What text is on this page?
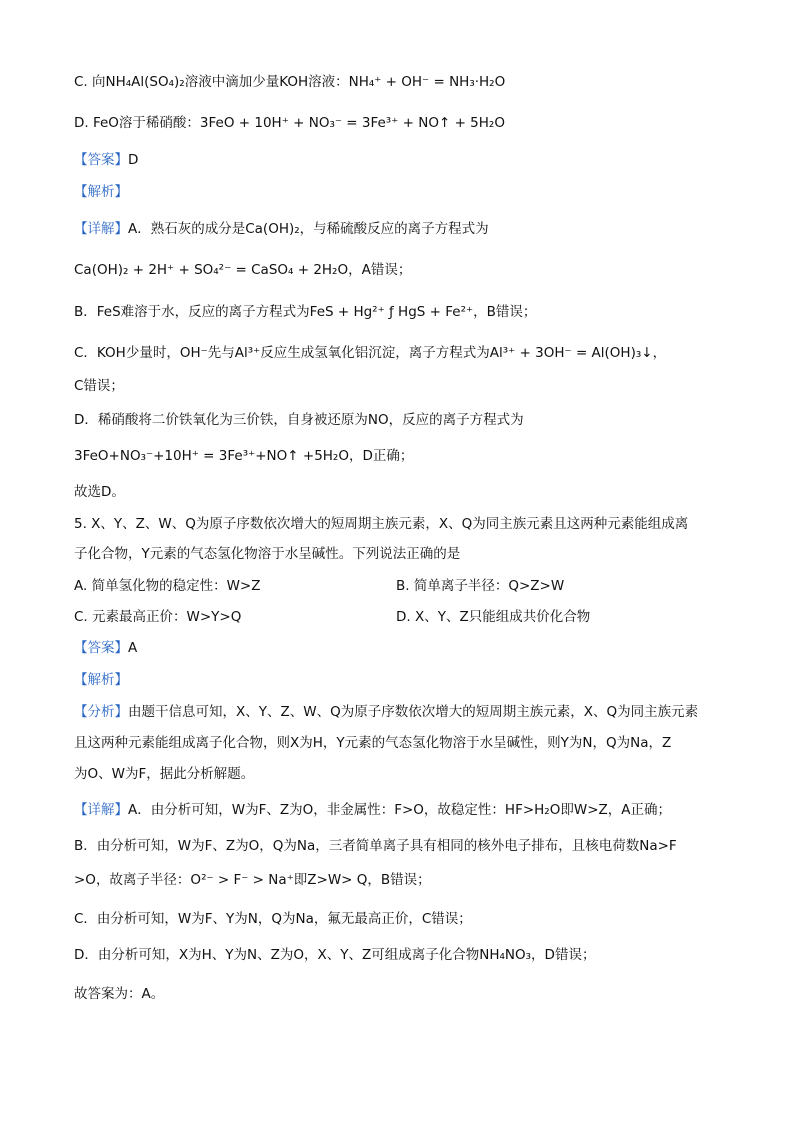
C. 向NH₄Al(SO₄)₂溶液中滴加少量KOH溶液：NH₄⁺ + OH⁻ = NH₃·H₂O
D. FeO溶于稀硝酸：3FeO + 10H⁺ + NO₃⁻ = 3Fe³⁺ + NO↑ + 5H₂O
【答案】D
【解析】
【详解】A．熟石灰的成分是Ca(OH)₂，与稀硫酸反应的离子方程式为
Ca(OH)₂ + 2H⁺ + SO₄²⁻ = CaSO₄ + 2H₂O，A错误；
B．FeS难溶于水，反应的离子方程式为FeS + Hg²⁺ ƒ HgS + Fe²⁺，B错误；
C．KOH少量时，OH⁻先与Al³⁺反应生成氢氧化铝沉淀，离子方程式为Al³⁺ + 3OH⁻ = Al(OH)₃↓，
C错误；
D．稀硝酸将二价铁氧化为三价铁，自身被还原为NO，反应的离子方程式为
3FeO+NO₃⁻+10H⁺ = 3Fe³⁺+NO↑ +5H₂O，D正确；
故选D。
5. X、Y、Z、W、Q为原子序数依次增大的短周期主族元素，X、Q为同主族元素且这两种元素能组成离
子化合物，Y元素的气态氢化物溶于水呈碱性。下列说法正确的是
A. 简单氢化物的稳定性：W>Z	B. 简单离子半径：Q>Z>W
C. 元素最高正价：W>Y>Q	D. X、Y、Z只能组成共价化合物
【答案】A
【解析】
【分析】由题干信息可知，X、Y、Z、W、Q为原子序数依次增大的短周期主族元素，X、Q为同主族元素
且这两种元素能组成离子化合物，则X为H，Y元素的气态氢化物溶于水呈碱性，则Y为N，Q为Na，Z
为O、W为F，据此分析解题。
【详解】A．由分析可知，W为F、Z为O，非金属性：F>O，故稳定性：HF>H₂O即W>Z，A正确；
B．由分析可知，W为F、Z为O，Q为Na，三者简单离子具有相同的核外电子排布，且核电荷数Na>F
>O，故离子半径：O²⁻ > F⁻ > Na⁺即Z>W> Q，B错误；
C．由分析可知，W为F、Y为N，Q为Na，氟无最高正价，C错误；
D．由分析可知，X为H、Y为N、Z为O，X、Y、Z可组成离子化合物NH₄NO₃，D错误；
故答案为：A。
